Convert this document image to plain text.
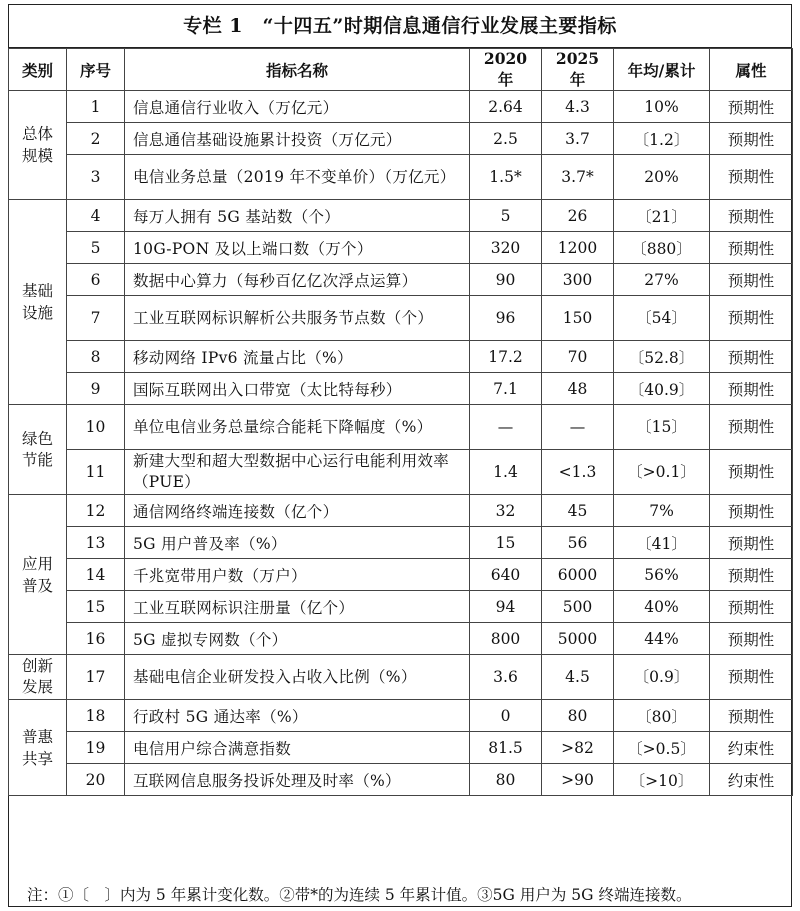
专栏 1　“十四五”时期信息通信行业发展主要指标
类别	序号	指标名称	2020 年	2025 年	年均/累计	属性
总体
规模	1	信息通信行业收入（万亿元）	2.64	4.3	10%	预期性
	2	信息通信基础设施累计投资（万亿元）	2.5	3.7	〔1.2〕	预期性
	3	电信业务总量（2019 年不变单价）（万亿元）	1.5*	3.7*	20%	预期性
基础
设施	4	每万人拥有 5G 基站数（个）	5	26	〔21〕	预期性
	5	10G-PON 及以上端口数（万个）	320	1200	〔880〕	预期性
	6	数据中心算力（每秒百亿亿次浮点运算）	90	300	27%	预期性
	7	工业互联网标识解析公共服务节点数（个）	96	150	〔54〕	预期性
	8	移动网络 IPv6 流量占比（%）	17.2	70	〔52.8〕	预期性
	9	国际互联网出入口带宽（太比特每秒）	7.1	48	〔40.9〕	预期性
绿色
节能	10	单位电信业务总量综合能耗下降幅度（%）	—	—	〔15〕	预期性
	11	新建大型和超大型数据中心运行电能利用效率（PUE）	1.4	<1.3	〔>0.1〕	预期性
应用
普及	12	通信网络终端连接数（亿个）	32	45	7%	预期性
	13	5G 用户普及率（%）	15	56	〔41〕	预期性
	14	千兆宽带用户数（万户）	640	6000	56%	预期性
	15	工业互联网标识注册量（亿个）	94	500	40%	预期性
	16	5G 虚拟专网数（个）	800	5000	44%	预期性
创新
发展	17	基础电信企业研发投入占收入比例（%）	3.6	4.5	〔0.9〕	预期性
普惠
共享	18	行政村 5G 通达率（%）	0	80	〔80〕	预期性
	19	电信用户综合满意指数	81.5	>82	〔>0.5〕	约束性
	20	互联网信息服务投诉处理及时率（%）	80	>90	〔>10〕	约束性
注：①〔　〕内为 5 年累计变化数。②带*的为连续 5 年累计值。③5G 用户为 5G 终端连接数。
